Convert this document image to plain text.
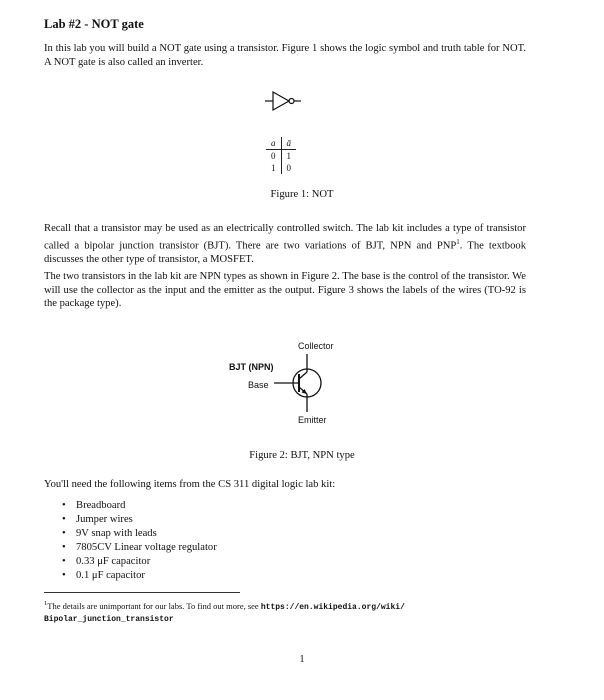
Lab #2 - NOT gate
In this lab you will build a NOT gate using a transistor. Figure 1 shows the logic symbol and truth table for NOT. A NOT gate is also called an inverter.
a	ā
0	1
1	0
Figure 1: NOT
Recall that a transistor may be used as an electrically controlled switch. The lab kit includes a type of transistor called a bipolar junction transistor (BJT). There are two variations of BJT, NPN and PNP$^1$. The textbook discusses the other type of transistor, a MOSFET.
The two transistors in the lab kit are NPN types as shown in Figure 2. The base is the control of the transistor. We will use the collector as the input and the emitter as the output. Figure 3 shows the labels of the wires (TO-92 is the package type).
Collector
BJT (NPN)
Base
Emitter
Figure 2: BJT, NPN type
You'll need the following items from the CS 311 digital logic lab kit:
• Breadboard
• Jumper wires
• 9V snap with leads
• 7805CV Linear voltage regulator
• 0.33 μF capacitor
• 0.1 μF capacitor
$^1$The details are unimportant for our labs. To find out more, see https://en.wikipedia.org/wiki/
Bipolar_junction_transistor
1
